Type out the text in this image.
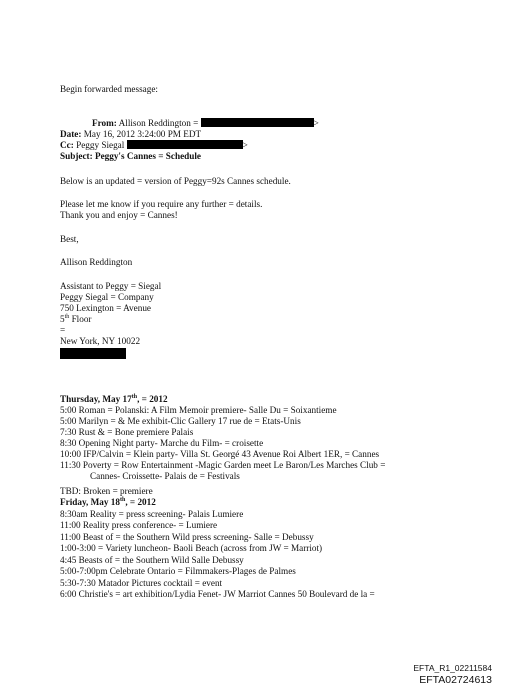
Begin forwarded message:
From: Allison Reddington =	>
Date: May 16, 2012 3:24:00 PM EDT
Cc: Peggy Siegal	>
Subject: Peggy's Cannes = Schedule
Below is an updated = version of Peggy=92s Cannes schedule.
Please let me know if you require any further = details.
Thank you and enjoy = Cannes!
Best,
Allison Reddington
Assistant to Peggy = Siegal
Peggy Siegal = Company
750 Lexington = Avenue
5th Floor
=
New York, NY 10022
Thursday, May 17th, = 2012
5:00 Roman = Polanski: A Film Memoir premiere- Salle Du = Soixantieme
5:00 Marilyn = & Me exhibit-Clic Gallery 17 rue de = Etats-Unis
7:30 Rust & = Bone premiere Palais
8:30 Opening Night party- Marche du Film- = croisette
10:00 IFP/Calvin = Klein party- Villa St. Georgé 43 Avenue Roi Albert 1ER, = Cannes
11:30 Poverty = Row Entertainment -Magic Garden meet Le Baron/Les Marches Club =
Cannes- Croissette- Palais de = Festivals
TBD: Broken = premiere
Friday, May 18th, = 2012
8:30am Reality = press screening- Palais Lumiere
11:00 Reality press conference- = Lumiere
11:00 Beast of = the Southern Wild press screening- Salle = Debussy
1:00-3:00 = Variety luncheon- Baoli Beach (across from JW = Marriot)
4:45 Beasts of = the Southern Wild Salle Debussy
5:00-7:00pm Celebrate Ontario = Filmmakers-Plages de Palmes
5:30-7:30 Matador Pictures cocktail = event
6:00 Christie's = art exhibition/Lydia Fenet- JW Marriot Cannes 50 Boulevard de la =
EFTA_R1_02211584
EFTA02724613
